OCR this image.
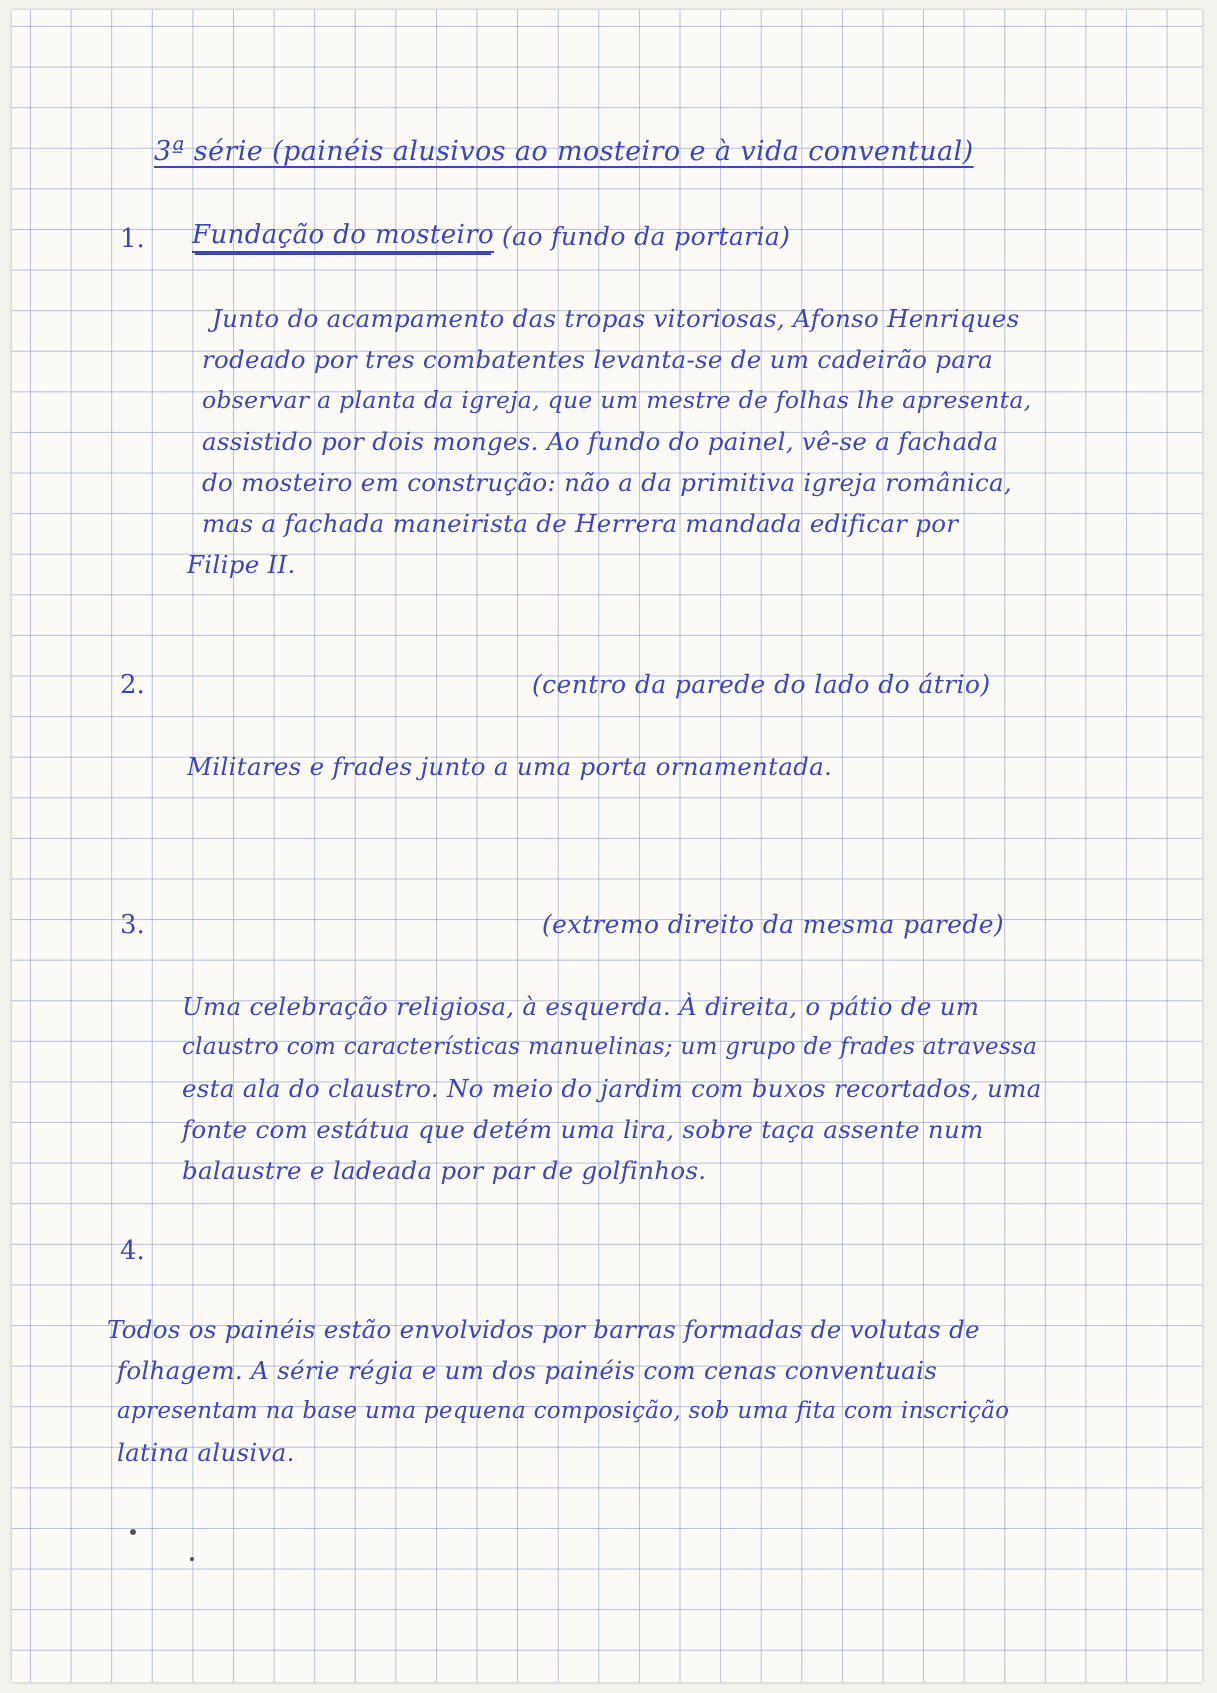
3ª série (painéis alusivos ao mosteiro e à vida conventual)
1. Fundação do mosteiro (ao fundo da portaria)
Junto do acampamento das tropas vitoriosas, Afonso Henriques
rodeado por tres combatentes levanta-se de um cadeirão para
observar a planta da igreja, que um mestre de folhas lhe apresenta,
assistido por dois monges. Ao fundo do painel, vê-se a fachada
do mosteiro em construção: não a da primitiva igreja românica,
mas a fachada maneirista de Herrera mandada edificar por
Filipe II.
2.	(centro da parede do lado do átrio)
Militares e frades junto a uma porta ornamentada.
3.	(extremo direito da mesma parede)
Uma celebração religiosa, à esquerda. À direita, o pátio de um
claustro com características manuelinas; um grupo de frades atravessa
esta ala do claustro. No meio do jardim com buxos recortados, uma
fonte com estátua que detém uma lira, sobre taça assente num
balaustre e ladeada por par de golfinhos.
4.
Todos os painéis estão envolvidos por barras formadas de volutas de
folhagem. A série régia e um dos painéis com cenas conventuais
apresentam na base uma pequena composição, sob uma fita com inscrição
latina alusiva.
